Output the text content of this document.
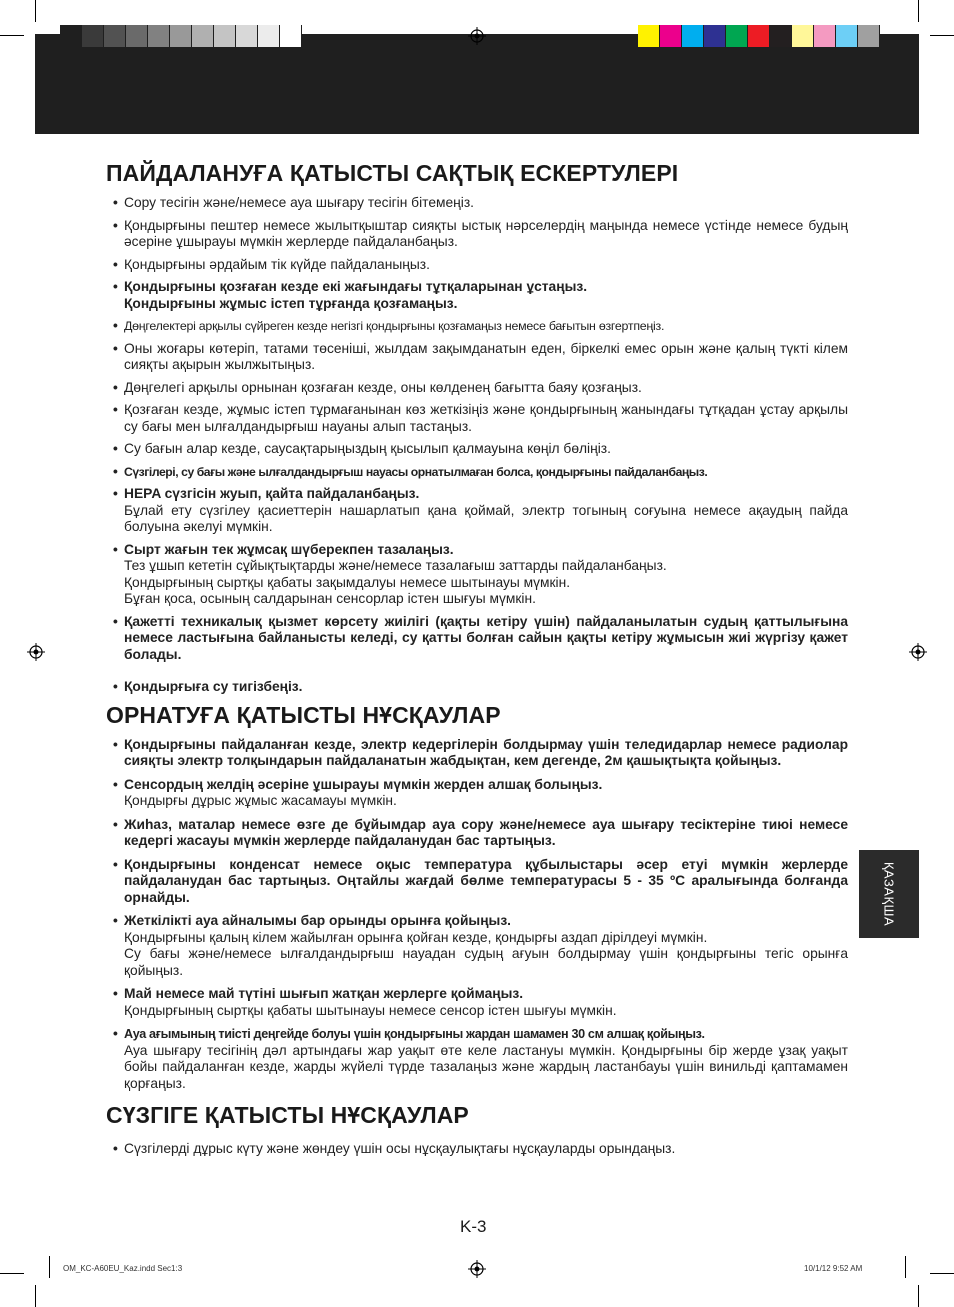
ПАЙДАЛАНУҒА ҚАТЫСТЫ САҚТЫҚ ЕСКЕРТУЛЕРІ
• Сору тесігін және/немесе ауа шығару тесігін бітемеңіз.
• Қондырғыны пештер немесе жылытқыштар сияқты ыстық нәрселердің маңында немесе үстінде немесе будың әсеріне ұшырауы мүмкін жерлерде пайдаланбаңыз.
• Қондырғыны әрдайым тік күйде пайдаланыңыз.
• Қондырғыны қозғаған кезде екі жағындағы тұтқаларынан ұстаңыз.
Қондырғыны жұмыс істеп тұрғанда қозғамаңыз.
• Дөңгелектері арқылы сүйреген кезде негізгі қондырғыны қозғамаңыз немесе бағытын өзгертпеңіз.
• Оны жоғары көтеріп, татами төсеніші, жылдам зақымданатын еден, біркелкі емес орын және қалың түкті кілем сияқты ақырын жылжытыңыз.
• Дөңгелегі арқылы орнынан қозғаған кезде, оны көлденең бағытта баяу қозғаңыз.
• Қозғаған кезде, жұмыс істеп тұрмағанынан көз жеткізіңіз және қондырғының жанындағы тұтқадан ұстау арқылы су бағы мен ылғалдандырғыш науаны алып тастаңыз.
• Су бағын алар кезде, саусақтарыңыздың қысылып қалмауына көңіл бөліңіз.
• Сүзгілері, су бағы және ылғалдандырғыш науасы орнатылмаған болса, қондырғыны пайдаланбаңыз.
• HEPA сүзгісін жуып, қайта пайдаланбаңыз.
Бұлай ету сүзгілеу қасиеттерін нашарлатып қана қоймай, электр тогының соғуына немесе ақаудың пайда болуына әкелуі мүмкін.
• Сырт жағын тек жұмсақ шүберекпен тазалаңыз.
Тез ұшып кететін сұйықтықтарды және/немесе тазалағыш заттарды пайдаланбаңыз.
Қондырғының сыртқы қабаты зақымдалуы немесе шытынауы мүмкін.
Бұған қоса, осының салдарынан сенсорлар істен шығуы мүмкін.
• Қажетті техникалық қызмет көрсету жиілігі (қақты кетіру үшін) пайдаланылатын судың қаттылығына немесе ластығына байланысты келеді, су қатты болған сайын қақты кетіру жұмысын жиі жүргізу қажет болады.
• Қондырғыға су тигізбеңіз.
ОРНАТУҒА ҚАТЫСТЫ НҰСҚАУЛАР
• Қондырғыны пайдаланған кезде, электр кедергілерін болдырмау үшін теледидарлар немесе радиолар сияқты электр толқындарын пайдаланатын жабдықтан, кем дегенде, 2м қашықтықта қойыңыз.
• Сенсордың желдің әсеріне ұшырауы мүмкін жерден алшақ болыңыз.
Қондырғы дұрыс жұмыс жасамауы мүмкін.
• Жиһаз, маталар немесе өзге де бұйымдар ауа сору және/немесе ауа шығару тесіктеріне тиюі немесе кедергі жасауы мүмкін жерлерде пайдаланудан бас тартыңыз.
• Қондырғыны конденсат немесе оқыс температура құбылыстары әсер етуі мүмкін жерлерде пайдаланудан бас тартыңыз. Оңтайлы жағдай бөлме температурасы 5 - 35 ºC аралығында болғанда орнайды.
• Жеткілікті ауа айналымы бар орынды орынға қойыңыз.
Қондырғыны қалың кілем жайылған орынға қойған кезде, қондырғы аздап дірілдеуі мүмкін.
Су бағы және/немесе ылғалдандырғыш науадан судың ағуын болдырмау үшін қондырғыны тегіс орынға қойыңыз.
• Май немесе май түтіні шығып жатқан жерлерге қоймаңыз.
Қондырғының сыртқы қабаты шытынауы немесе сенсор істен шығуы мүмкін.
• Ауа ағымының тиісті деңгейде болуы үшін қондырғыны жардан шамамен 30 см алшақ қойыңыз.
Ауа шығару тесігінің дәл артындағы жар уақыт өте келе ластануы мүмкін. Қондырғыны бір жерде ұзақ уақыт бойы пайдаланған кезде, жарды жүйелі түрде тазалаңыз және жардың ластанбауы үшін винильді қаптамамен қорғаңыз.
СҮЗГІГЕ ҚАТЫСТЫ НҰСҚАУЛАР
• Сүзгілерді дұрыс күту және жөндеу үшін осы нұсқаулықтағы нұсқауларды орындаңыз.
ҚАЗАҚША
K-3
OM_KC-A60EU_Kaz.indd Sec1:3	10/1/12 9:52 AM
